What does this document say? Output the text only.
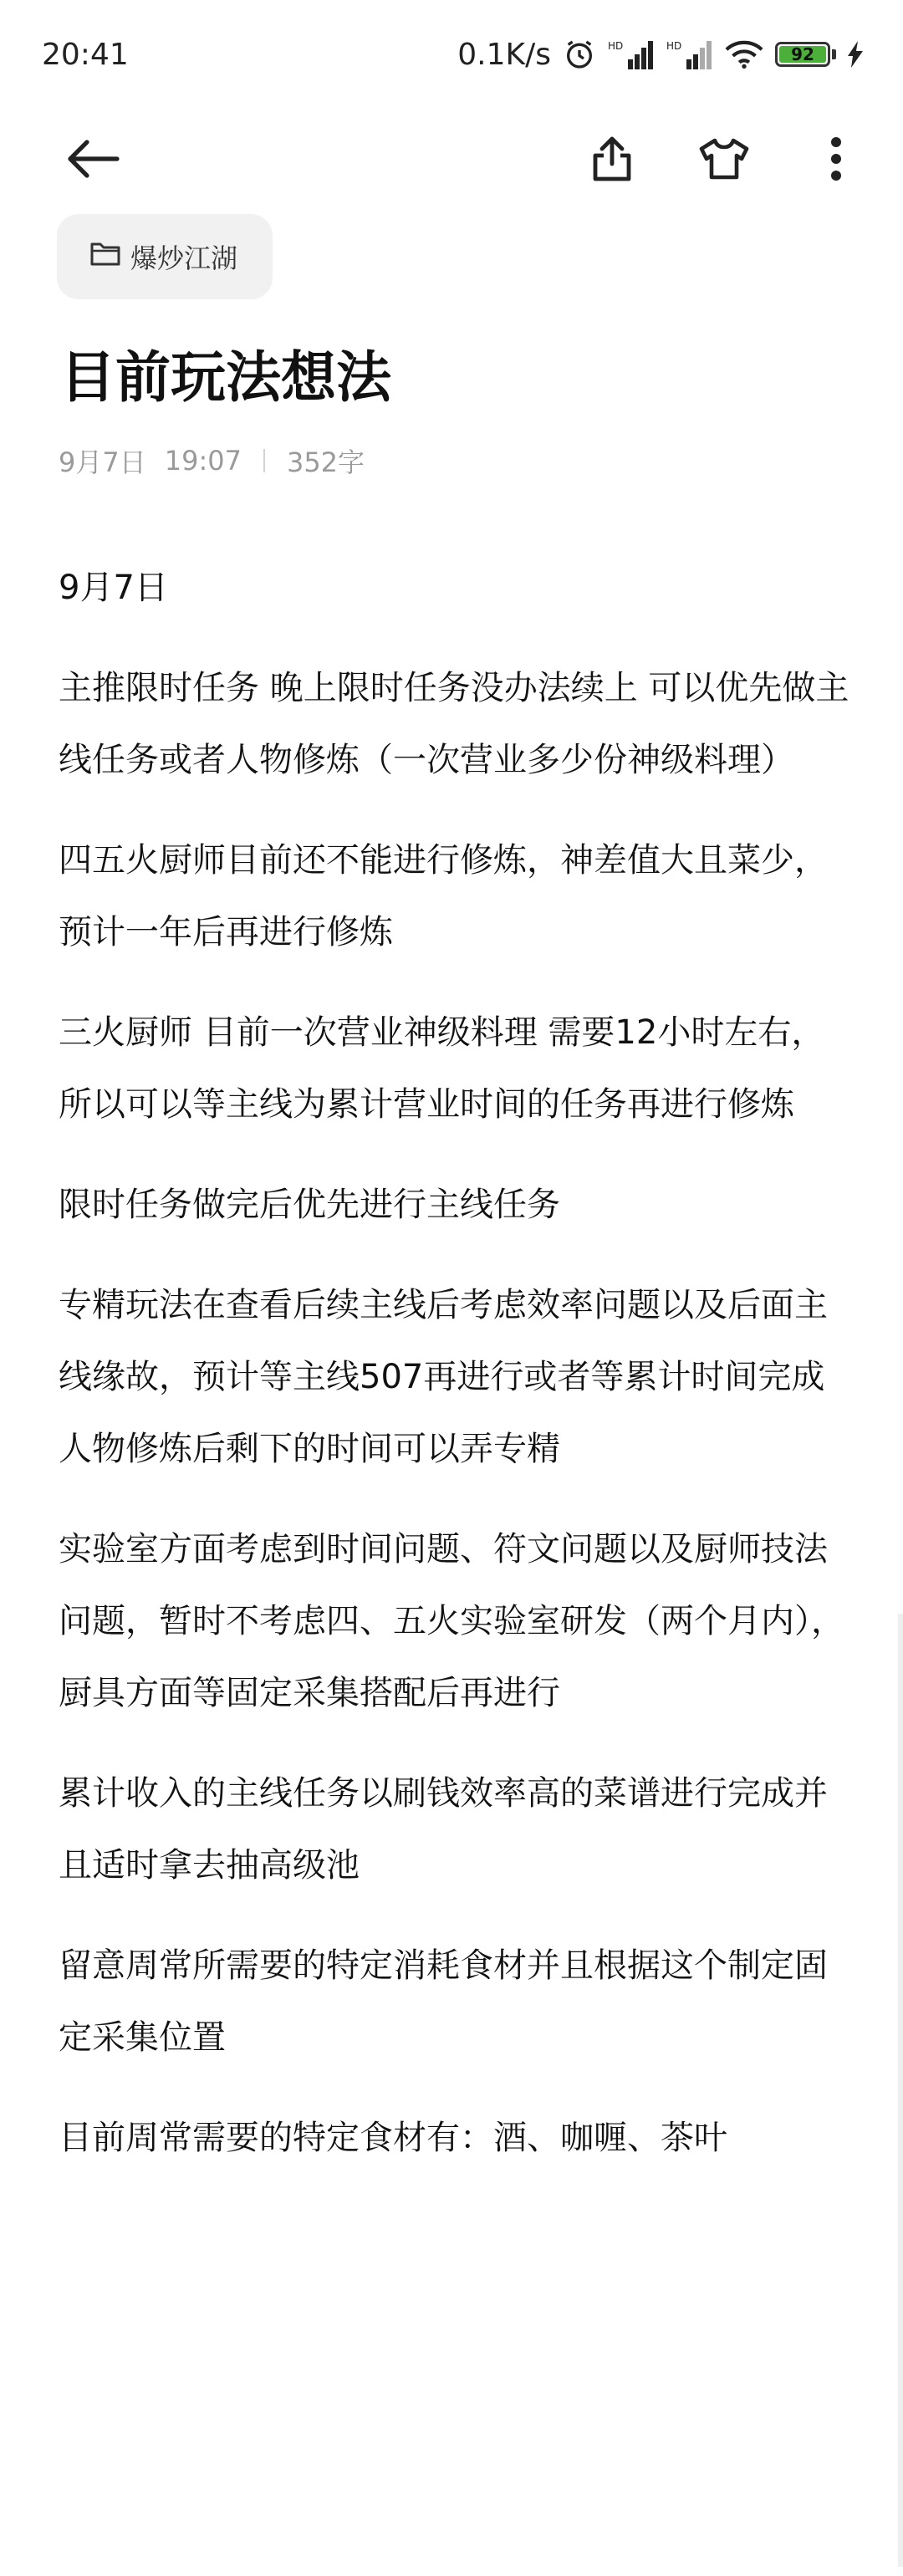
20:41	0.1K/s	HD	HD	92
爆炒江湖
目前玩法想法
9月7日 19:07 352字

9月7日

主推限时任务 晚上限时任务没办法续上 可以优先做主线任务或者人物修炼（一次营业多少份神级料理）

四五火厨师目前还不能进行修炼，神差值大且菜少，预计一年后再进行修炼

三火厨师 目前一次营业神级料理 需要12小时左右，所以可以等主线为累计营业时间的任务再进行修炼

限时任务做完后优先进行主线任务

专精玩法在查看后续主线后考虑效率问题以及后面主线缘故，预计等主线507再进行或者等累计时间完成人物修炼后剩下的时间可以弄专精

实验室方面考虑到时间问题、符文问题以及厨师技法问题，暂时不考虑四、五火实验室研发（两个月内），厨具方面等固定采集搭配后再进行

累计收入的主线任务以刷钱效率高的菜谱进行完成并且适时拿去抽高级池

留意周常所需要的特定消耗食材并且根据这个制定固定采集位置

目前周常需要的特定食材有：酒、咖喱、茶叶
